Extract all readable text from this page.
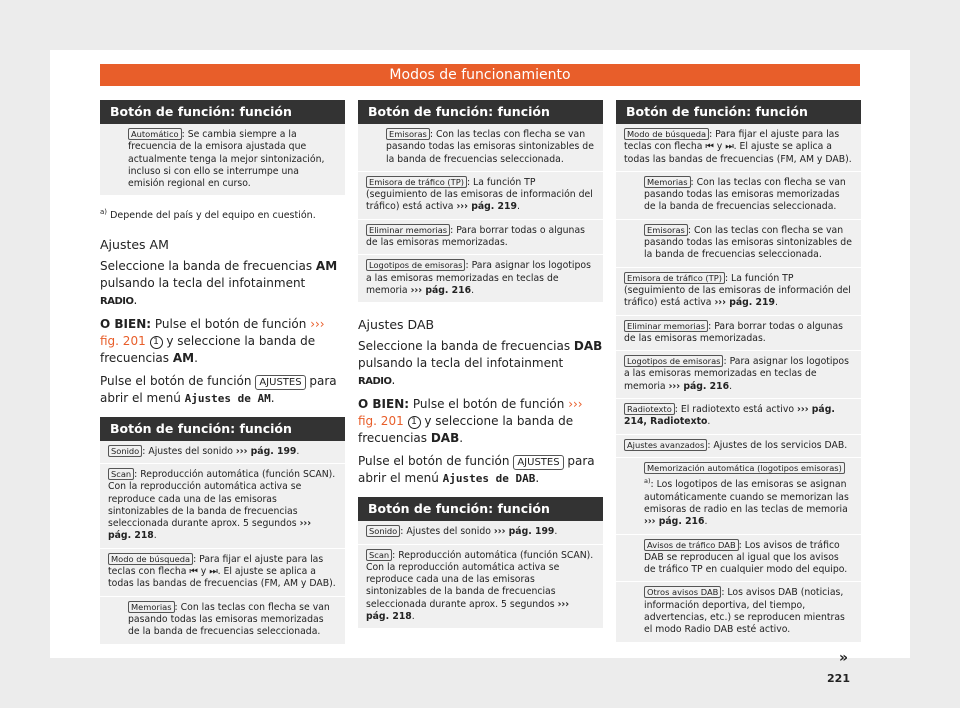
Modos de funcionamiento
Botón de función: función
Automático : Se cambia siempre a la frecuencia de la emisora ajustada que actualmente tenga la mejor sintonización, incluso si con ello se interrumpe una emisión regional en curso.
$^{a)}$ Depende del país y del equipo en cuestión.
Ajustes AM

Seleccione la banda de frecuencias AM pulsando la tecla del infotainment RADIO.

O BIEN: Pulse el botón de función ››› fig. 201 1 y seleccione la banda de frecuencias AM.

Pulse el botón de función AJUSTES para abrir el menú Ajustes de AM.

Botón de función: función
Sonido : Ajustes del sonido ››› pág. 199.
Scan : Reproducción automática (función SCAN). Con la reproducción automática activa se reproduce cada una de las emisoras sintonizables de la banda de frecuencias seleccionada durante aprox. 5 segundos ››› pág. 218.
Modo de búsqueda : Para fijar el ajuste para las teclas con flecha ⏮ y ⏭. El ajuste se aplica a todas las bandas de frecuencias (FM, AM y DAB).
Memorias : Con las teclas con flecha se van pasando todas las emisoras memorizadas de la banda de frecuencias seleccionada.
Botón de función: función
Emisoras : Con las teclas con flecha se van pasando todas las emisoras sintonizables de la banda de frecuencias seleccionada.
Emisora de tráfico (TP) : La función TP (seguimiento de las emisoras de información del tráfico) está activa ››› pág. 219.
Eliminar memorias : Para borrar todas o algunas de las emisoras memorizadas.
Logotipos de emisoras : Para asignar los logotipos a las emisoras memorizadas en teclas de memoria ››› pág. 216.
Ajustes DAB

Seleccione la banda de frecuencias DAB pulsando la tecla del infotainment RADIO.

O BIEN: Pulse el botón de función ››› fig. 201 1 y seleccione la banda de frecuencias DAB.

Pulse el botón de función AJUSTES para abrir el menú Ajustes de DAB.

Botón de función: función
Sonido : Ajustes del sonido ››› pág. 199.
Scan : Reproducción automática (función SCAN). Con la reproducción automática activa se reproduce cada una de las emisoras sintonizables de la banda de frecuencias seleccionada durante aprox. 5 segundos ››› pág. 218.
Botón de función: función
Modo de búsqueda : Para fijar el ajuste para las teclas con flecha ⏮ y ⏭. El ajuste se aplica a todas las bandas de frecuencias (FM, AM y DAB).
Memorias : Con las teclas con flecha se van pasando todas las emisoras memorizadas de la banda de frecuencias seleccionada.
Emisoras : Con las teclas con flecha se van pasando todas las emisoras sintonizables de la banda de frecuencias seleccionada.
Emisora de tráfico (TP) : La función TP (seguimiento de las emisoras de información del tráfico) está activa ››› pág. 219.
Eliminar memorias : Para borrar todas o algunas de las emisoras memorizadas.
Logotipos de emisoras : Para asignar los logotipos a las emisoras memorizadas en teclas de memoria ››› pág. 216.
Radiotexto : El radiotexto está activo ››› pág. 214, Radiotexto.
Ajustes avanzados : Ajustes de los servicios DAB.
Memorización automática (logotipos emisoras)$^{a)}$: Los logotipos de las emisoras se asignan automáticamente cuando se memorizan las emisoras de radio en las teclas de memoria ››› pág. 216.
Avisos de tráfico DAB : Los avisos de tráfico DAB se reproducen al igual que los avisos de tráfico TP en cualquier modo del equipo.
Otros avisos DAB : Los avisos DAB (noticias, información deportiva, del tiempo, advertencias, etc.) se reproducen mientras el modo Radio DAB esté activo.
»
221
